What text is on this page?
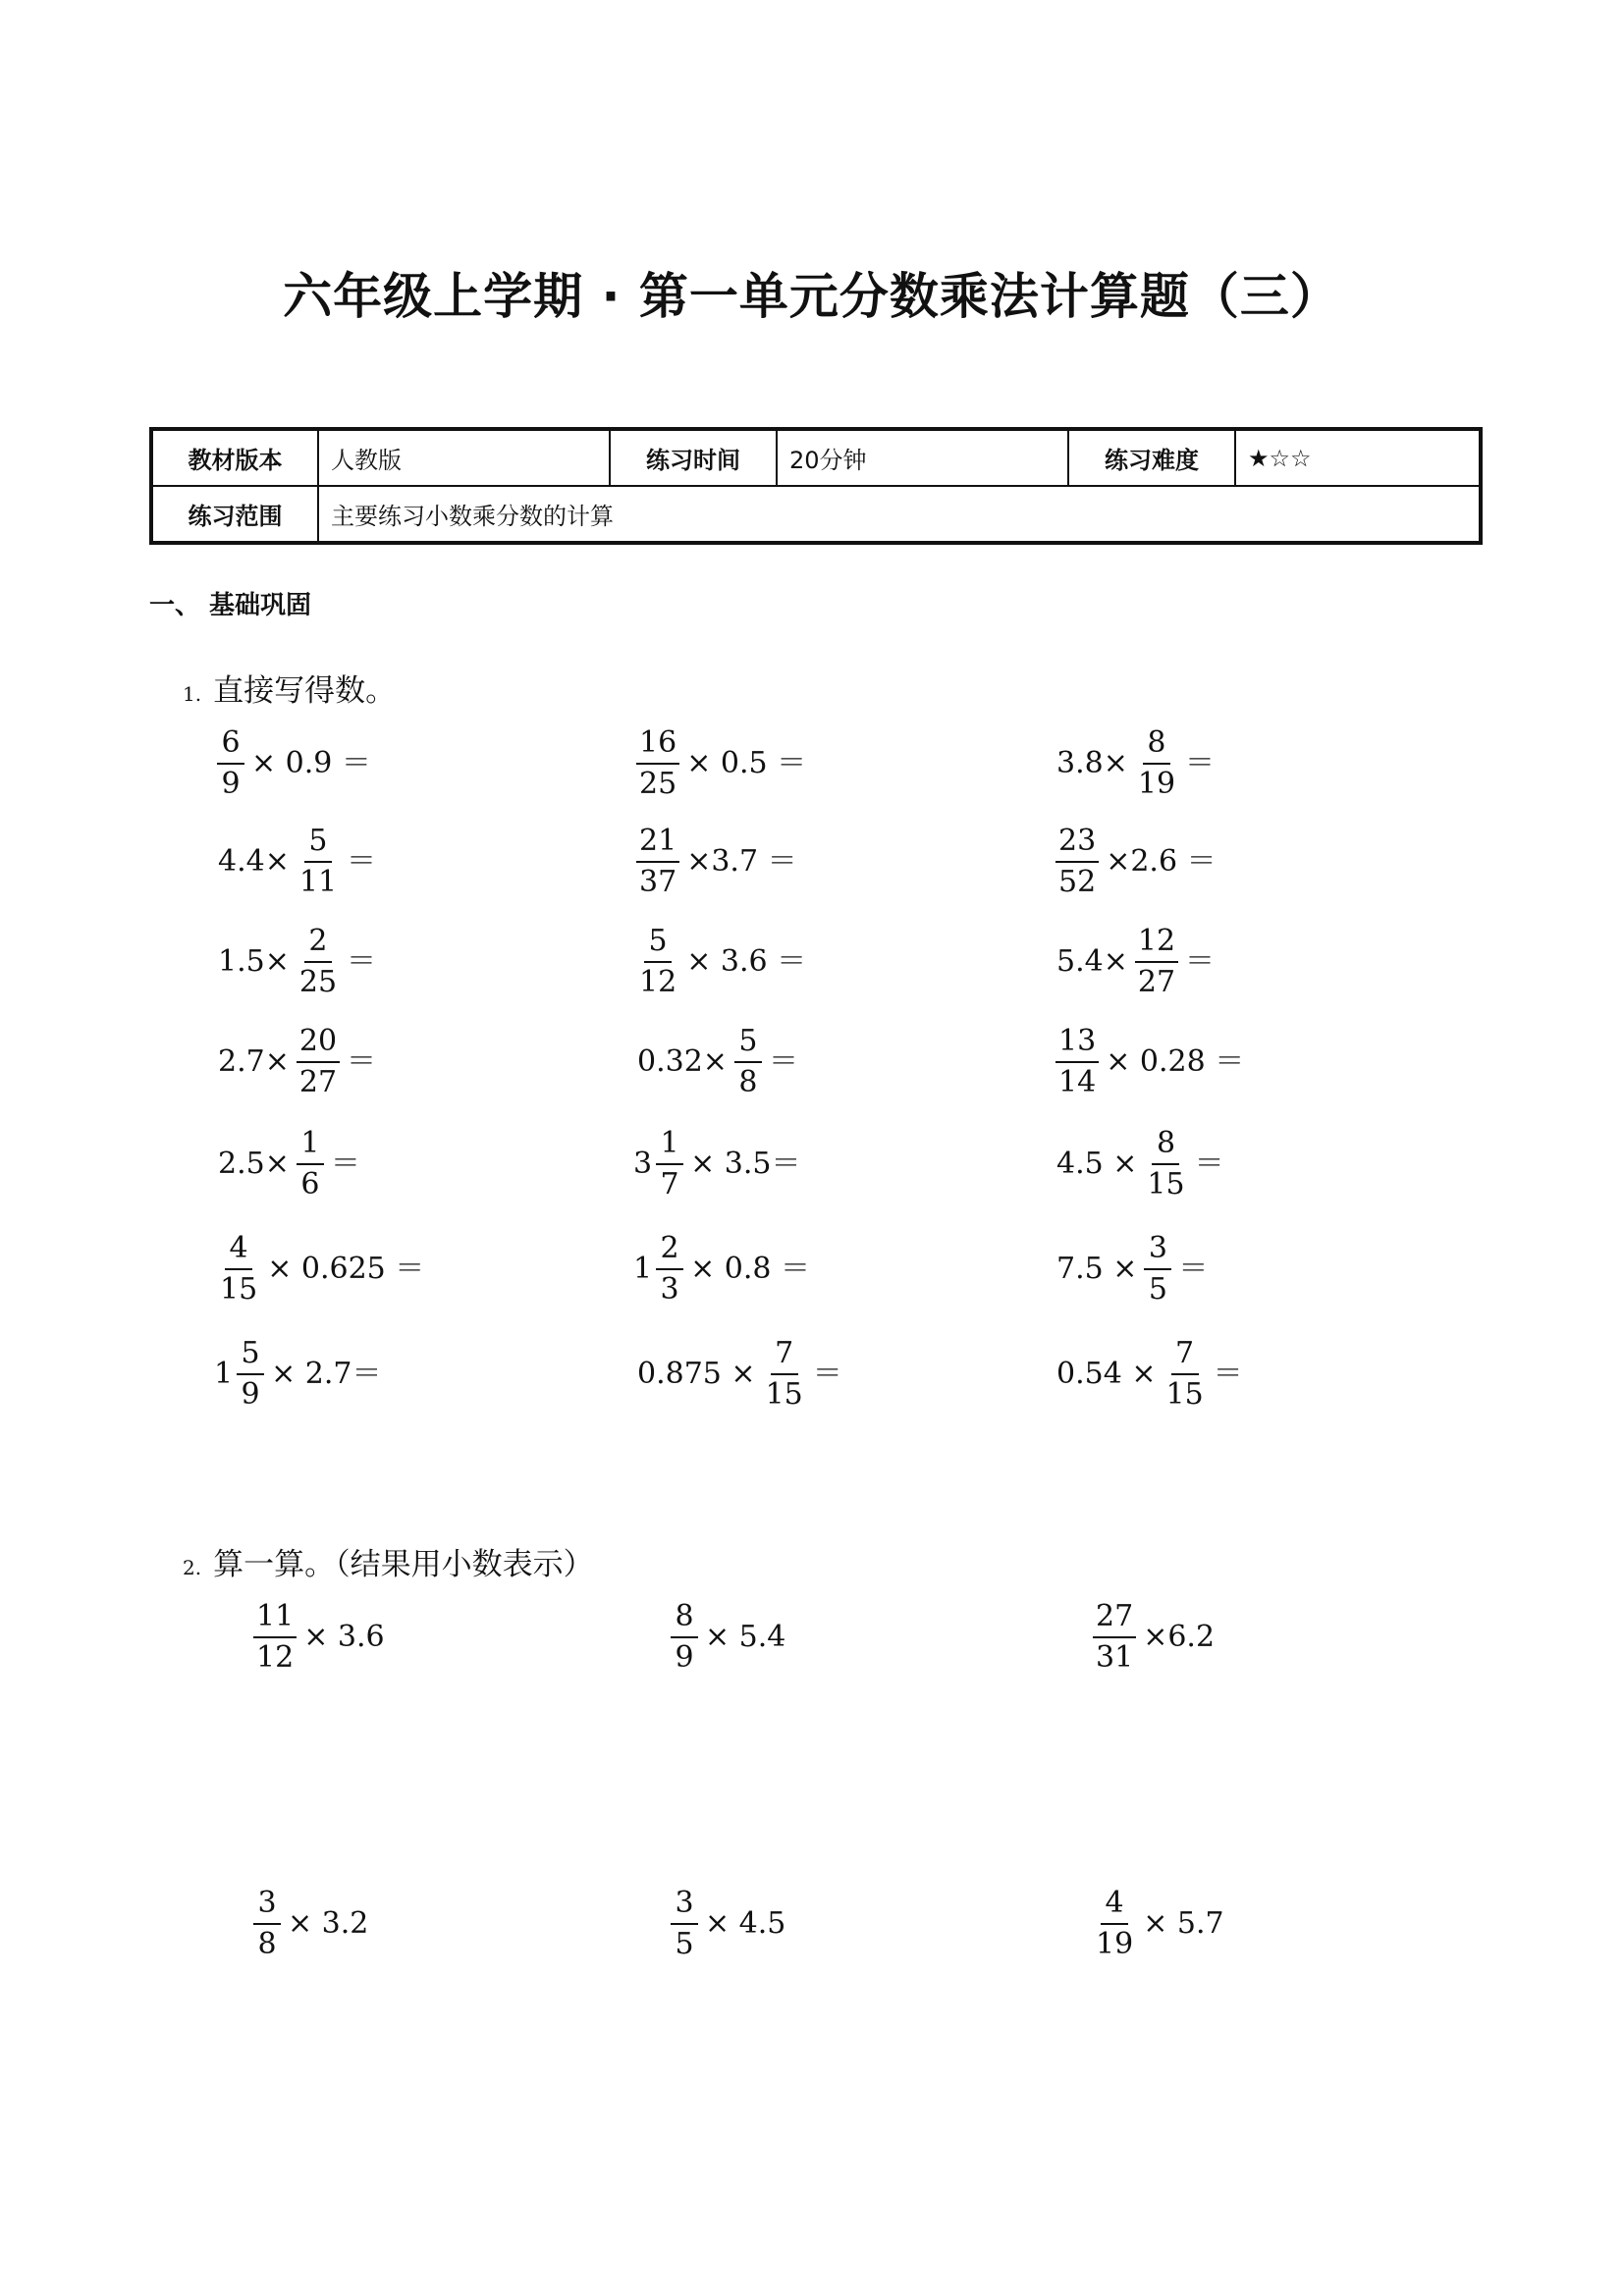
六年级上学期 · 第一单元分数乘法计算题（三）
教材版本	人教版	练习时间	20分钟	练习难度	★☆☆
练习范围	主要练习小数乘分数的计算				
一、 基础巩固
1. 直接写得数。
2. 算一算。（结果用小数表示）
$\frac{6}{9} \times 0.9$ ＝	$\frac{16}{25} \times 0.5$ ＝	$3.8\times \frac{8}{19}$ ＝
$4.4\times \frac{5}{11}$ ＝	$\frac{21}{37} \times 3.7$ ＝	$\frac{23}{52} \times 2.6$ ＝
$1.5\times \frac{2}{25}$ ＝	$\frac{5}{12} \times 3.6$ ＝	$5.4\times \frac{12}{27}$ ＝
$2.7\times \frac{20}{27}$ ＝	$0.32\times \frac{5}{8}$ ＝	$\frac{13}{14} \times 0.28$ ＝
$2.5\times \frac{1}{6}$ ＝	$3 \frac{1}{7} \times 3.5=$	$4.5 \times \frac{8}{15}$ ＝
$\frac{4}{15} \times 0.625$ ＝	$1 \frac{2}{3} \times 0.8$ ＝	$7.5 \times \frac{3}{5}$ ＝
$1 \frac{5}{9} \times 2.7=$	$0.875 \times \frac{7}{15}$ ＝	$0.54 \times \frac{7}{15}$ ＝
$\frac{11}{12} \times 3.6$	$\frac{8}{9} \times 5.4$	$\frac{27}{31} \times 6.2$
$\frac{3}{8} \times 3.2$	$\frac{3}{5} \times 4.5$	$\frac{4}{19} \times 5.7$
